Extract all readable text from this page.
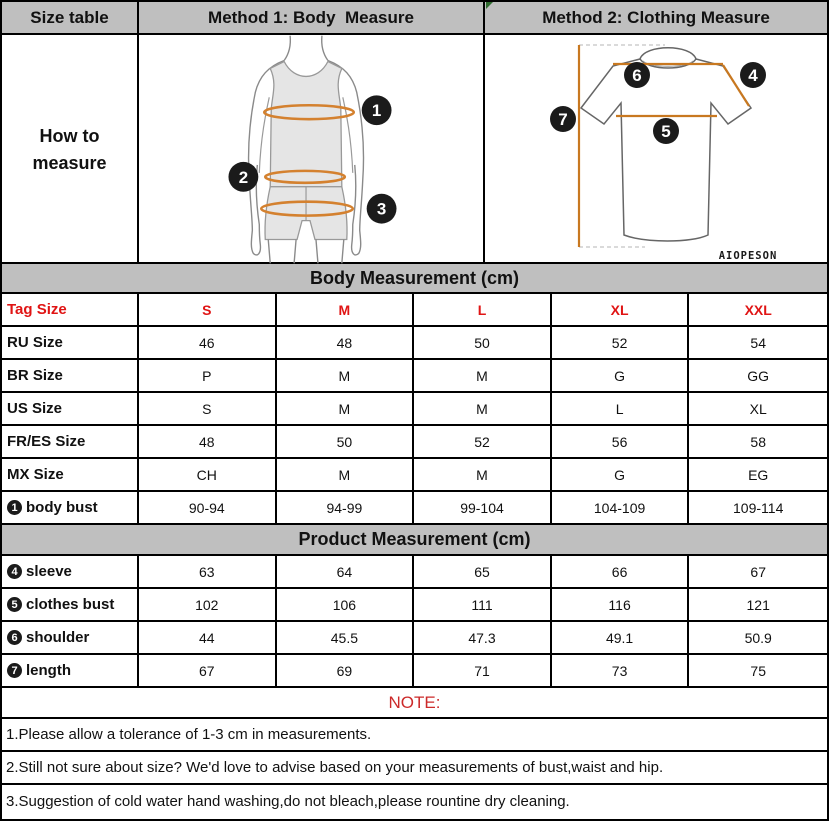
Size table	Method 1: Body  Measure	Method 2: Clothing Measure
How to measure
1
2
3
6	4
7
5
AIOPESON
Body Measurement (cm)
Tag Size	S	M	L	XL	XXL
RU Size	46	48	50	52	54
BR Size	P	M	M	G	GG
US Size	S	M	M	L	XL
FR/ES Size	48	50	52	56	58
MX Size	CH	M	M	G	EG
1 body bust	90-94	94-99	99-104	104-109	109-114
Product Measurement (cm)
4 sleeve	63	64	65	66	67
5 clothes bust	102	106	111	116	121
6 shoulder	44	45.5	47.3	49.1	50.9
7 length	67	69	71	73	75
NOTE:
1.Please allow a tolerance of 1-3 cm in measurements.
2.Still not sure about size? We'd love to advise based on your measurements of bust,waist and hip.
3.Suggestion of cold water hand washing,do not bleach,please rountine dry cleaning.
